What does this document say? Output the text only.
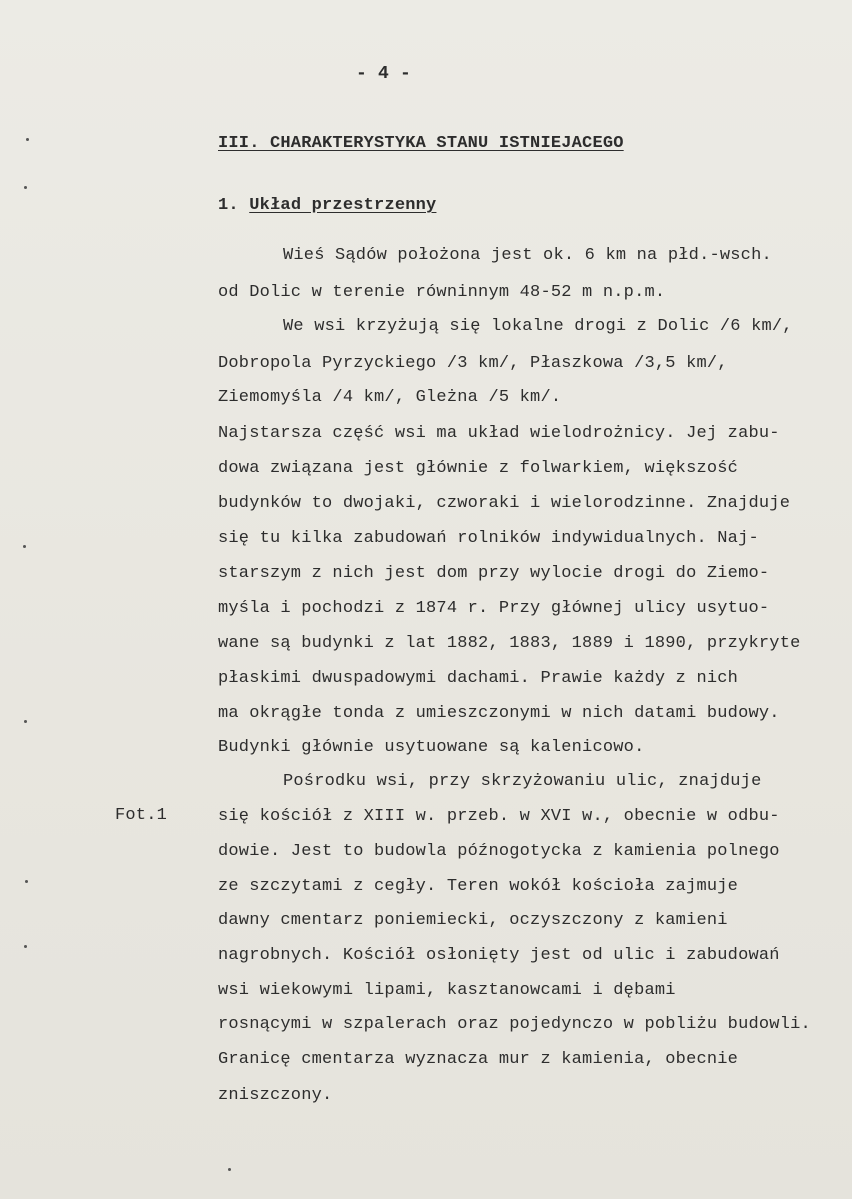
- 4 -
III. CHARAKTERYSTYKA STANU ISTNIEJACEGO
1. Układ przestrzenny
Fot.1
Wieś Sądów położona jest ok. 6 km na płd.-wsch.
od Dolic w terenie równinnym 48-52 m n.p.m.
We wsi krzyżują się lokalne drogi z Dolic /6 km/,
Dobropola Pyrzyckiego /3 km/, Płaszkowa /3,5 km/,
Ziemomyśla /4 km/, Gleżna /5 km/.
Najstarsza część wsi ma układ wielodrożnicy. Jej zabu-
dowa związana jest głównie z folwarkiem, większość
budynków to dwojaki, czworaki i wielorodzinne. Znajduje
się tu kilka zabudowań rolników indywidualnych. Naj-
starszym z nich jest dom przy wylocie drogi do Ziemo-
myśla i pochodzi z 1874 r. Przy głównej ulicy usytuo-
wane są budynki z lat 1882, 1883, 1889 i 1890, przykryte
płaskimi dwuspadowymi dachami. Prawie każdy z nich
ma okrągłe tonda z umieszczonymi w nich datami budowy.
Budynki głównie usytuowane są kalenicowo.
Pośrodku wsi, przy skrzyżowaniu ulic, znajduje
się kościół z XIII w. przeb. w XVI w., obecnie w odbu-
dowie. Jest to budowla późnogotycka z kamienia polnego
ze szczytami z cegły. Teren wokół kościoła zajmuje
dawny cmentarz poniemiecki, oczyszczony z kamieni
nagrobnych. Kościół osłonięty jest od ulic i zabudowań
wsi wiekowymi lipami, kasztanowcami i dębami
rosnącymi w szpalerach oraz pojedynczo w pobliżu budowli.
Granicę cmentarza wyznacza mur z kamienia, obecnie
zniszczony.
